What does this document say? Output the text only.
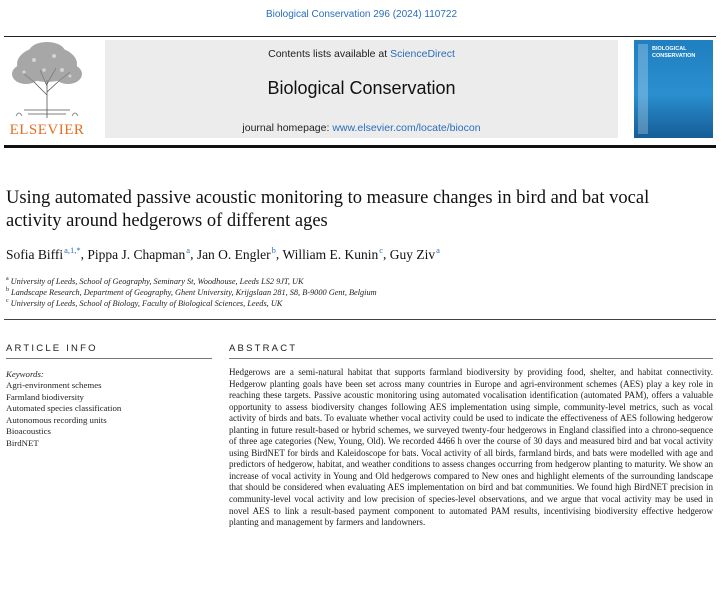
Biological Conservation 296 (2024) 110722
ELSEVIER
Contents lists available at ScienceDirect
Biological Conservation
journal homepage: www.elsevier.com/locate/biocon
BIOLOGICAL
CONSERVATION
Using automated passive acoustic monitoring to measure changes in bird and bat vocal activity around hedgerows of different ages
Sofia Biffi$^{a,1,*}$, Pippa J. Chapman$^a$, Jan O. Engler$^b$, William E. Kunin$^c$, Guy Ziv$^a$
$^a$ University of Leeds, School of Geography, Seminary St, Woodhouse, Leeds LS2 9JT, UK
$^b$ Landscape Research, Department of Geography, Ghent University, Krijgslaan 281, S8, B-9000 Gent, Belgium
$^c$ University of Leeds, School of Biology, Faculty of Biological Sciences, Leeds, UK
ARTICLE INFO	ABSTRACT
Keywords:
Agri-environment schemes
Farmland biodiversity
Automated species classification
Autonomous recording units
Bioacoustics
BirdNET

Hedgerows are a semi-natural habitat that supports farmland biodiversity by providing food, shelter, and habitat connectivity. Hedgerow planting goals have been set across many countries in Europe and agri-environment schemes (AES) play a key role in reaching these targets. Passive acoustic monitoring using automated vocalisation identification (automated PAM), offers a valuable opportunity to assess biodiversity changes following AES implementation using simple, community-level metrics, such as vocal activity of birds and bats. To evaluate whether vocal activity could be used to indicate the effectiveness of AES following hedgerow planting in future result-based or hybrid schemes, we surveyed twenty-four hedgerows in England classified into a chrono-sequence of three age categories (New, Young, Old). We recorded 4466 h over the course of 30 days and measured bird and bat vocal activity using BirdNET for birds and Kaleidoscope for bats. Vocal activity of all birds, farmland birds, and bats were modelled with age and predictors of hedgerow, habitat, and weather conditions to assess changes occurring from hedgerow planting to maturity. We show an increase of vocal activity in Young and Old hedgerows compared to New ones and highlight elements of the surrounding landscape that should be considered when evaluating AES implementation on bird and bat communities. We found high BirdNET precision in community-level vocal activity and low precision of species-level observations, and we argue that vocal activity may be used in novel AES to link a result-based payment component to automated PAM results, incentivising biodiversity effective hedgerow planting and management by farmers and landowners.
